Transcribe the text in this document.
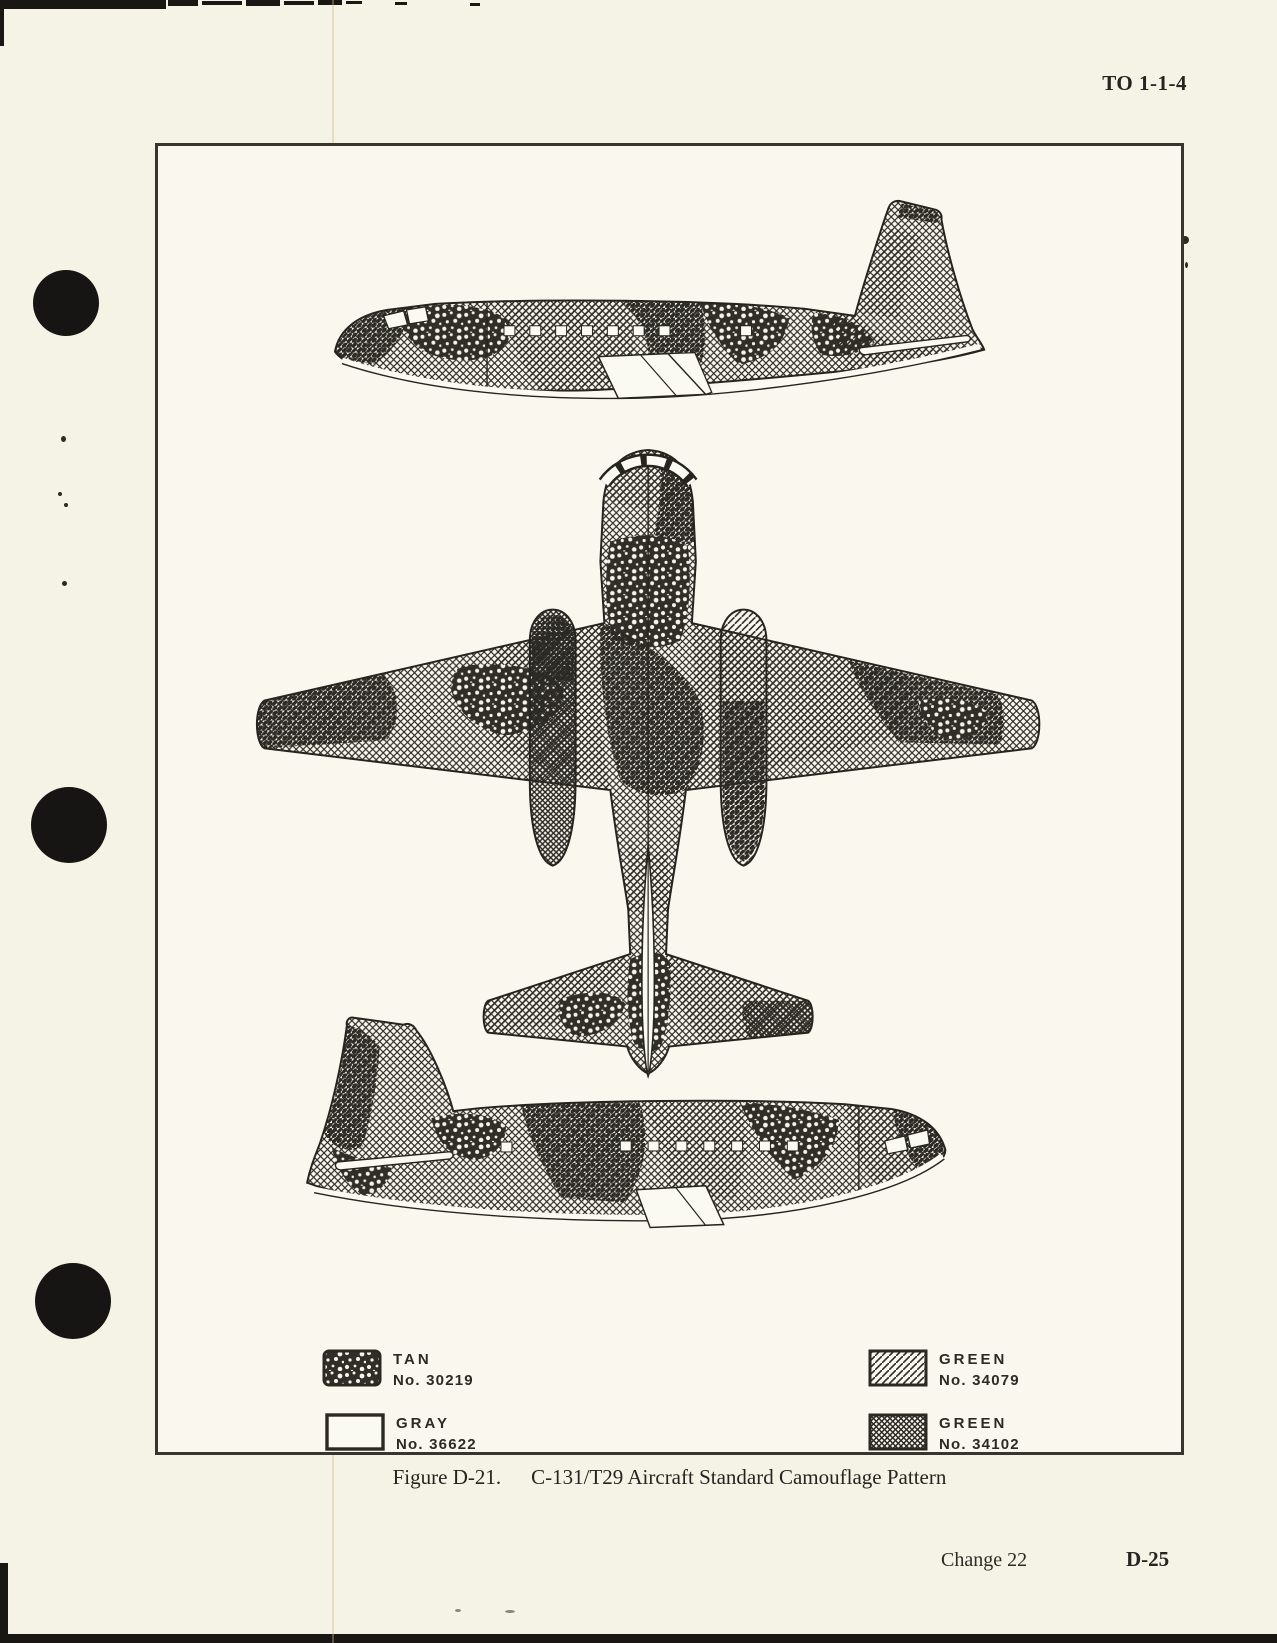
TO 1-1-4
TAN
No. 30219
GRAY
No. 36622
GREEN
No. 34079
GREEN
No. 34102
Figure D-21. C-131/T29 Aircraft Standard Camouflage Pattern
Change 22	D-25
